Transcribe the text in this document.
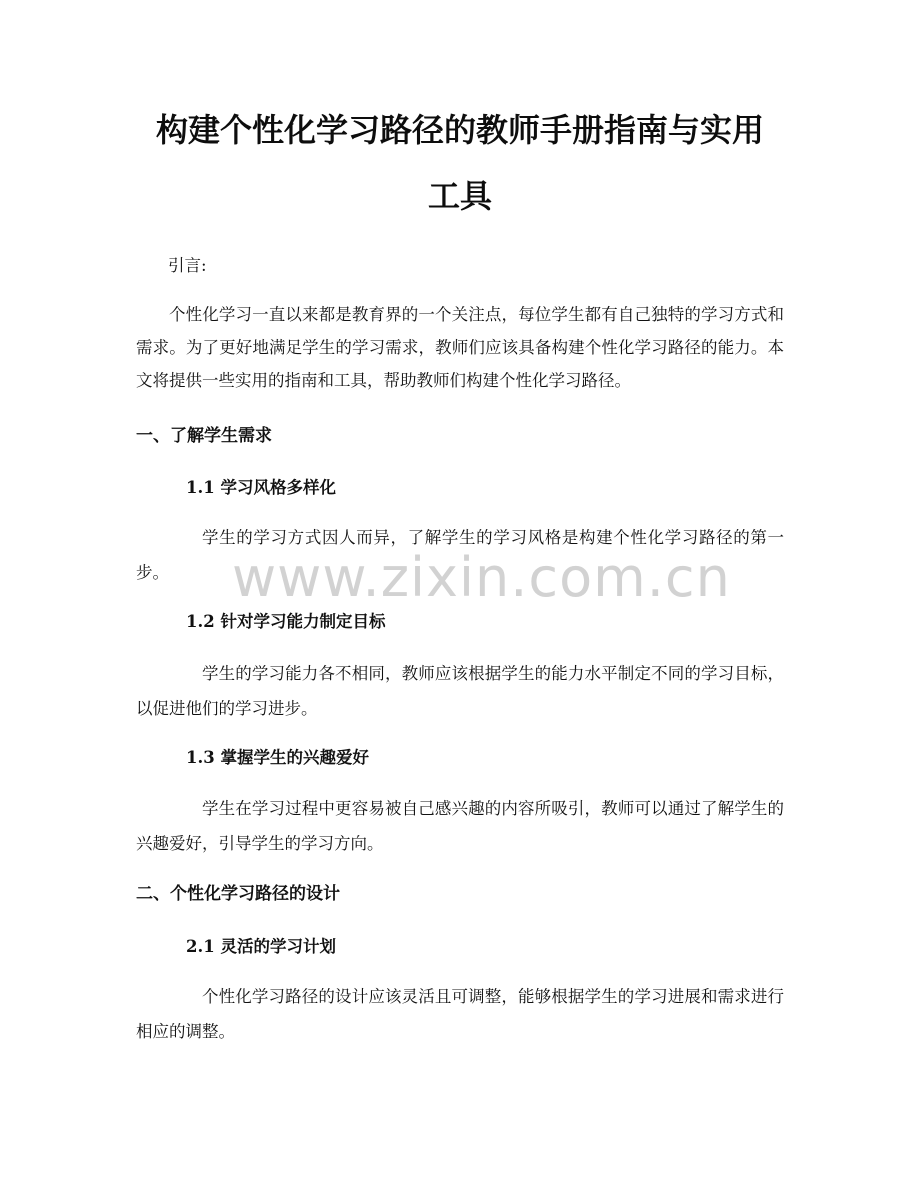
构建个性化学习路径的教师手册指南与实用
工具

引言:

个性化学习一直以来都是教育界的一个关注点，每位学生都有自己独特的学习方式和需求。为了更好地满足学生的学习需求，教师们应该具备构建个性化学习路径的能力。本文将提供一些实用的指南和工具，帮助教师们构建个性化学习路径。

一、了解学生需求
1.1 学习风格多样化

学生的学习方式因人而异，了解学生的学习风格是构建个性化学习路径的第一步。

1.2 针对学习能力制定目标

学生的学习能力各不相同，教师应该根据学生的能力水平制定不同的学习目标，以促进他们的学习进步。

1.3 掌握学生的兴趣爱好

学生在学习过程中更容易被自己感兴趣的内容所吸引，教师可以通过了解学生的兴趣爱好，引导学生的学习方向。

二、个性化学习路径的设计
2.1 灵活的学习计划

个性化学习路径的设计应该灵活且可调整，能够根据学生的学习进展和需求进行相应的调整。

www.zixin.com.cn
